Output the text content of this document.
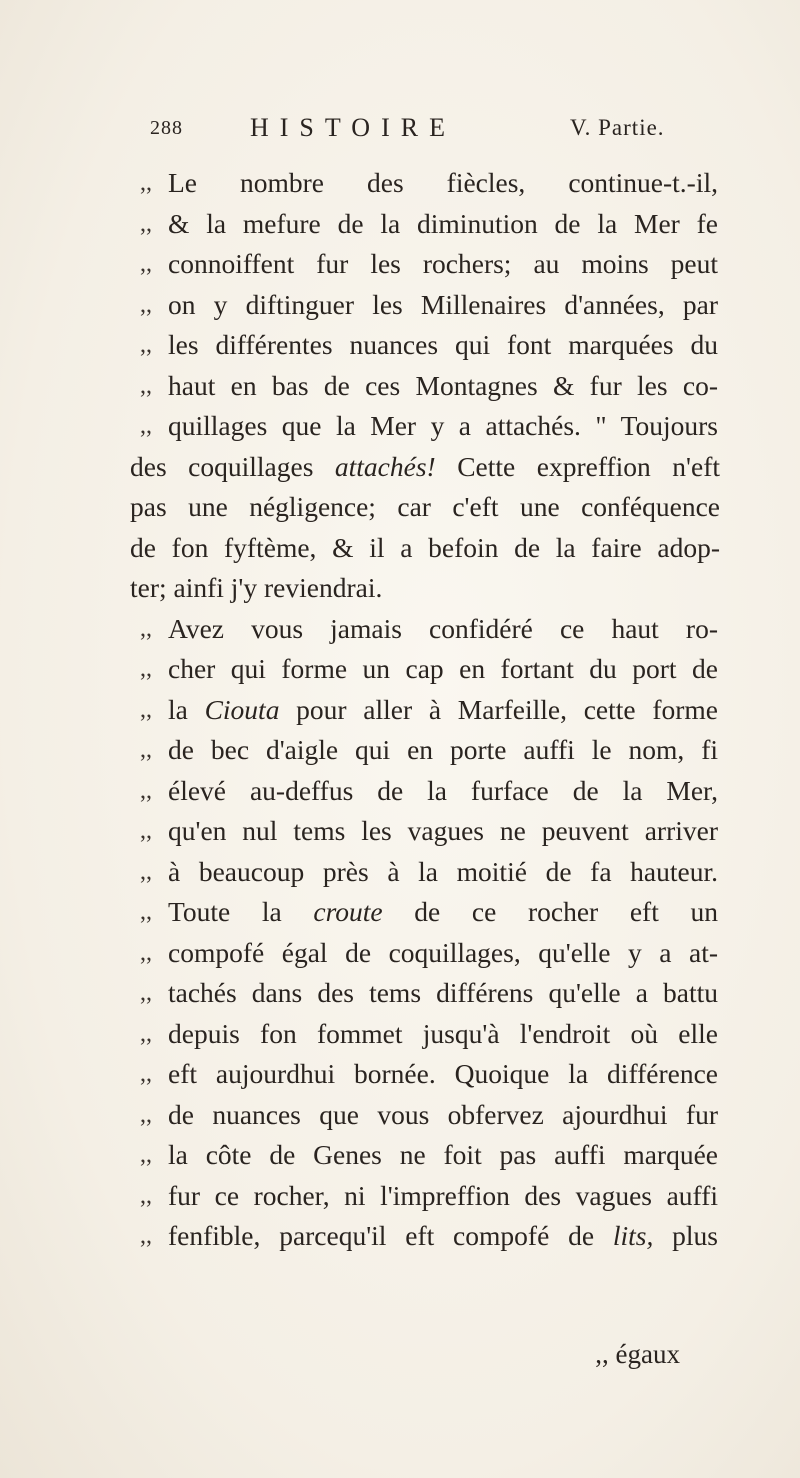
288	HISTOIRE	V. Partie.
,, Le nombre des fiècles, continue-t.-il,
,, & la mefure de la diminution de la Mer fe
,, connoiffent fur les rochers; au moins peut
,, on y diftinguer les Millenaires d'années, par
,, les différentes nuances qui font marquées du
,, haut en bas de ces Montagnes & fur les co-
,, quillages que la Mer y a attachés. " Toujours
des coquillages attachés! Cette expreffion n'eft
pas une négligence; car c'eft une conféquence
de fon fyftème, & il a befoin de la faire adop-
ter; ainfi j'y reviendrai.
,, Avez vous jamais confidéré ce haut ro-
,, cher qui forme un cap en fortant du port de
,, la Ciouta pour aller à Marfeille, cette forme
,, de bec d'aigle qui en porte auffi le nom, fi
,, élevé au-deffus de la furface de la Mer,
,, qu'en nul tems les vagues ne peuvent arriver
,, à beaucoup près à la moitié de fa hauteur.
,, Toute la croute de ce rocher eft un
,, compofé égal de coquillages, qu'elle y a at-
,, tachés dans des tems différens qu'elle a battu
,, depuis fon fommet jusqu'à l'endroit où elle
,, eft aujourdhui bornée. Quoique la différence
,, de nuances que vous obfervez ajourdhui fur
,, la côte de Genes ne foit pas auffi marquée
,, fur ce rocher, ni l'impreffion des vagues auffi
,, fenfible, parcequ'il eft compofé de lits, plus
,, égaux
